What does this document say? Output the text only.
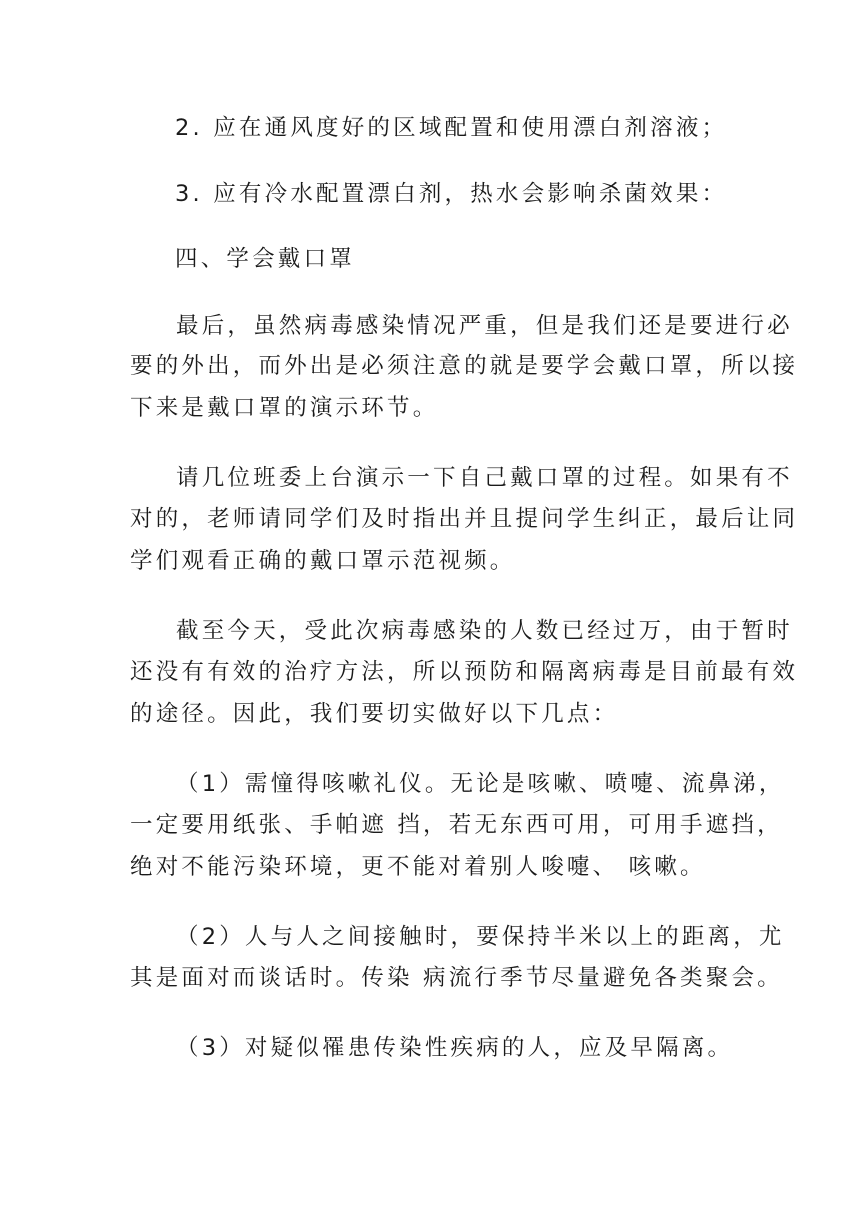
2. 应在通风度好的区域配置和使用漂白剂溶液；
3. 应有冷水配置漂白剂，热水会影响杀菌效果：
四、学会戴口罩
最后，虽然病毒感染情况严重，但是我们还是要进行必
要的外出，而外出是必须注意的就是要学会戴口罩，所以接
下来是戴口罩的演示环节。
请几位班委上台演示一下自己戴口罩的过程。如果有不
对的，老师请同学们及时指出并且提问学生纠正，最后让同
学们观看正确的戴口罩示范视频。
截至今天，受此次病毒感染的人数已经过万，由于暂时
还没有有效的治疗方法，所以预防和隔离病毒是目前最有效
的途径。因此，我们要切实做好以下几点：
（1）需憧得咳嗽礼仪。无论是咳嗽、喷嚏、流鼻涕，
一定要用纸张、手帕遮 挡，若无东西可用，可用手遮挡，
绝对不能污染环境，更不能对着别人唆嚏、 咳嗽。
（2）人与人之间接触时，要保持半米以上的距离，尤
其是面对而谈话时。传染 病流行季节尽量避免各类聚会。
（3）对疑似罹患传染性疾病的人，应及早隔离。
